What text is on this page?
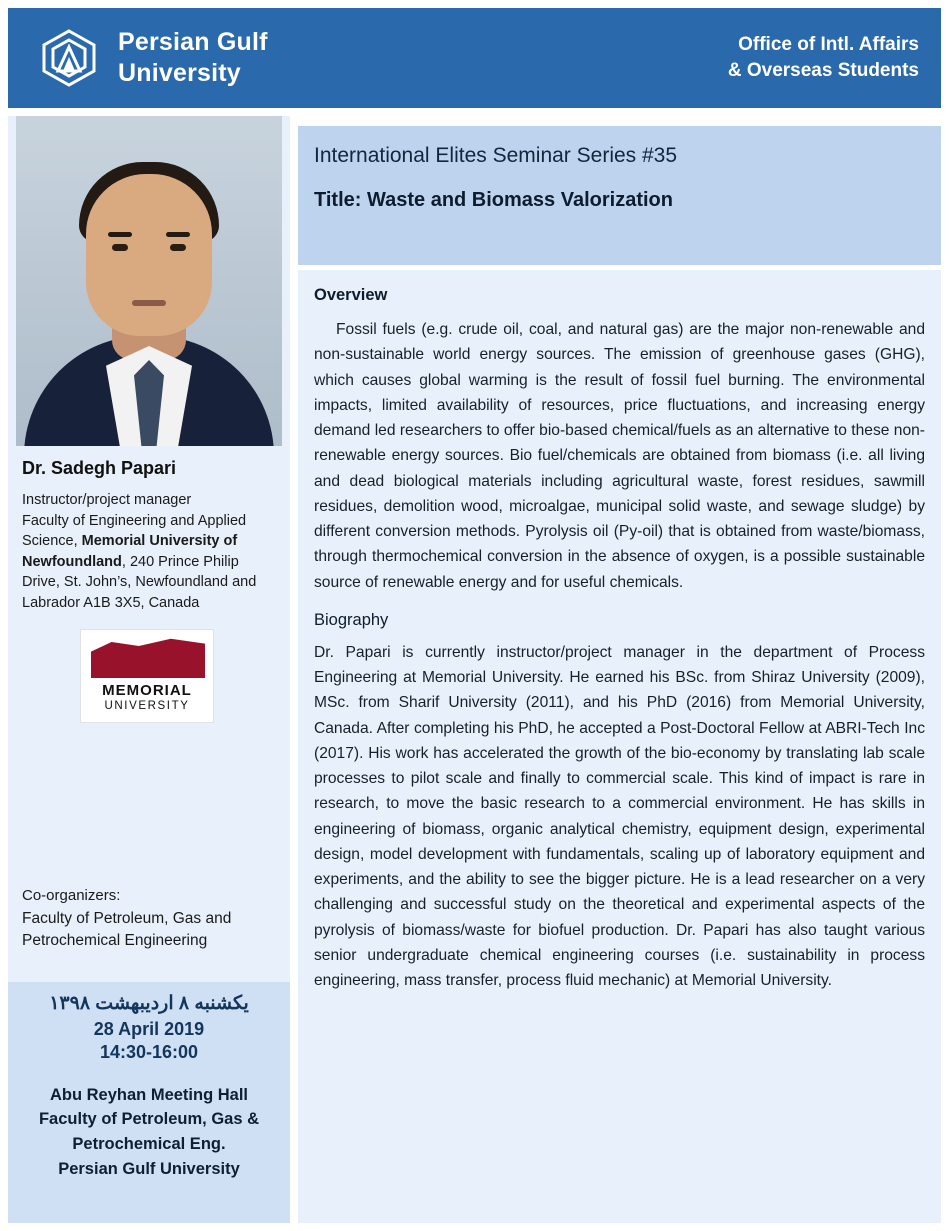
Persian Gulf
University
Office of Intl. Affairs
& Overseas Students
Dr. Sadegh Papari
Instructor/project manager
Faculty of Engineering and Applied Science, Memorial University of Newfoundland, 240 Prince Philip Drive, St. John’s, Newfoundland and Labrador A1B 3X5, Canada
MEMORIAL
UNIVERSITY
Co-organizers:
Faculty of Petroleum, Gas and Petrochemical Engineering
یکشنبه ۸ اردیبهشت ۱۳۹۸
28 April 2019
14:30-16:00
Abu Reyhan Meeting Hall
Faculty of Petroleum, Gas &
Petrochemical Eng.
Persian Gulf University
International Elites Seminar Series #35
Title: Waste and Biomass Valorization
Overview

Fossil fuels (e.g. crude oil, coal, and natural gas) are the major non-renewable and non-sustainable world energy sources. The emission of greenhouse gases (GHG), which causes global warming is the result of fossil fuel burning. The environmental impacts, limited availability of resources, price fluctuations, and increasing energy demand led researchers to offer bio-based chemical/fuels as an alternative to these non-renewable energy sources. Bio fuel/chemicals are obtained from biomass (i.e. all living and dead biological materials including agricultural waste, forest residues, sawmill residues, demolition wood, microalgae, municipal solid waste, and sewage sludge) by different conversion methods. Pyrolysis oil (Py-oil) that is obtained from waste/biomass, through thermochemical conversion in the absence of oxygen, is a possible sustainable source of renewable energy and for useful chemicals.

Biography

Dr. Papari is currently instructor/project manager in the department of Process Engineering at Memorial University. He earned his BSc. from Shiraz University (2009), MSc. from Sharif University (2011), and his PhD (2016) from Memorial University, Canada. After completing his PhD, he accepted a Post-Doctoral Fellow at ABRI-Tech Inc (2017). His work has accelerated the growth of the bio-economy by translating lab scale processes to pilot scale and finally to commercial scale. This kind of impact is rare in research, to move the basic research to a commercial environment. He has skills in engineering of biomass, organic analytical chemistry, equipment design, experimental design, model development with fundamentals, scaling up of laboratory equipment and experiments, and the ability to see the bigger picture. He is a lead researcher on a very challenging and successful study on the theoretical and experimental aspects of the pyrolysis of biomass/waste for biofuel production. Dr. Papari has also taught various senior undergraduate chemical engineering courses (i.e. sustainability in process engineering, mass transfer, process fluid mechanic) at Memorial University.
